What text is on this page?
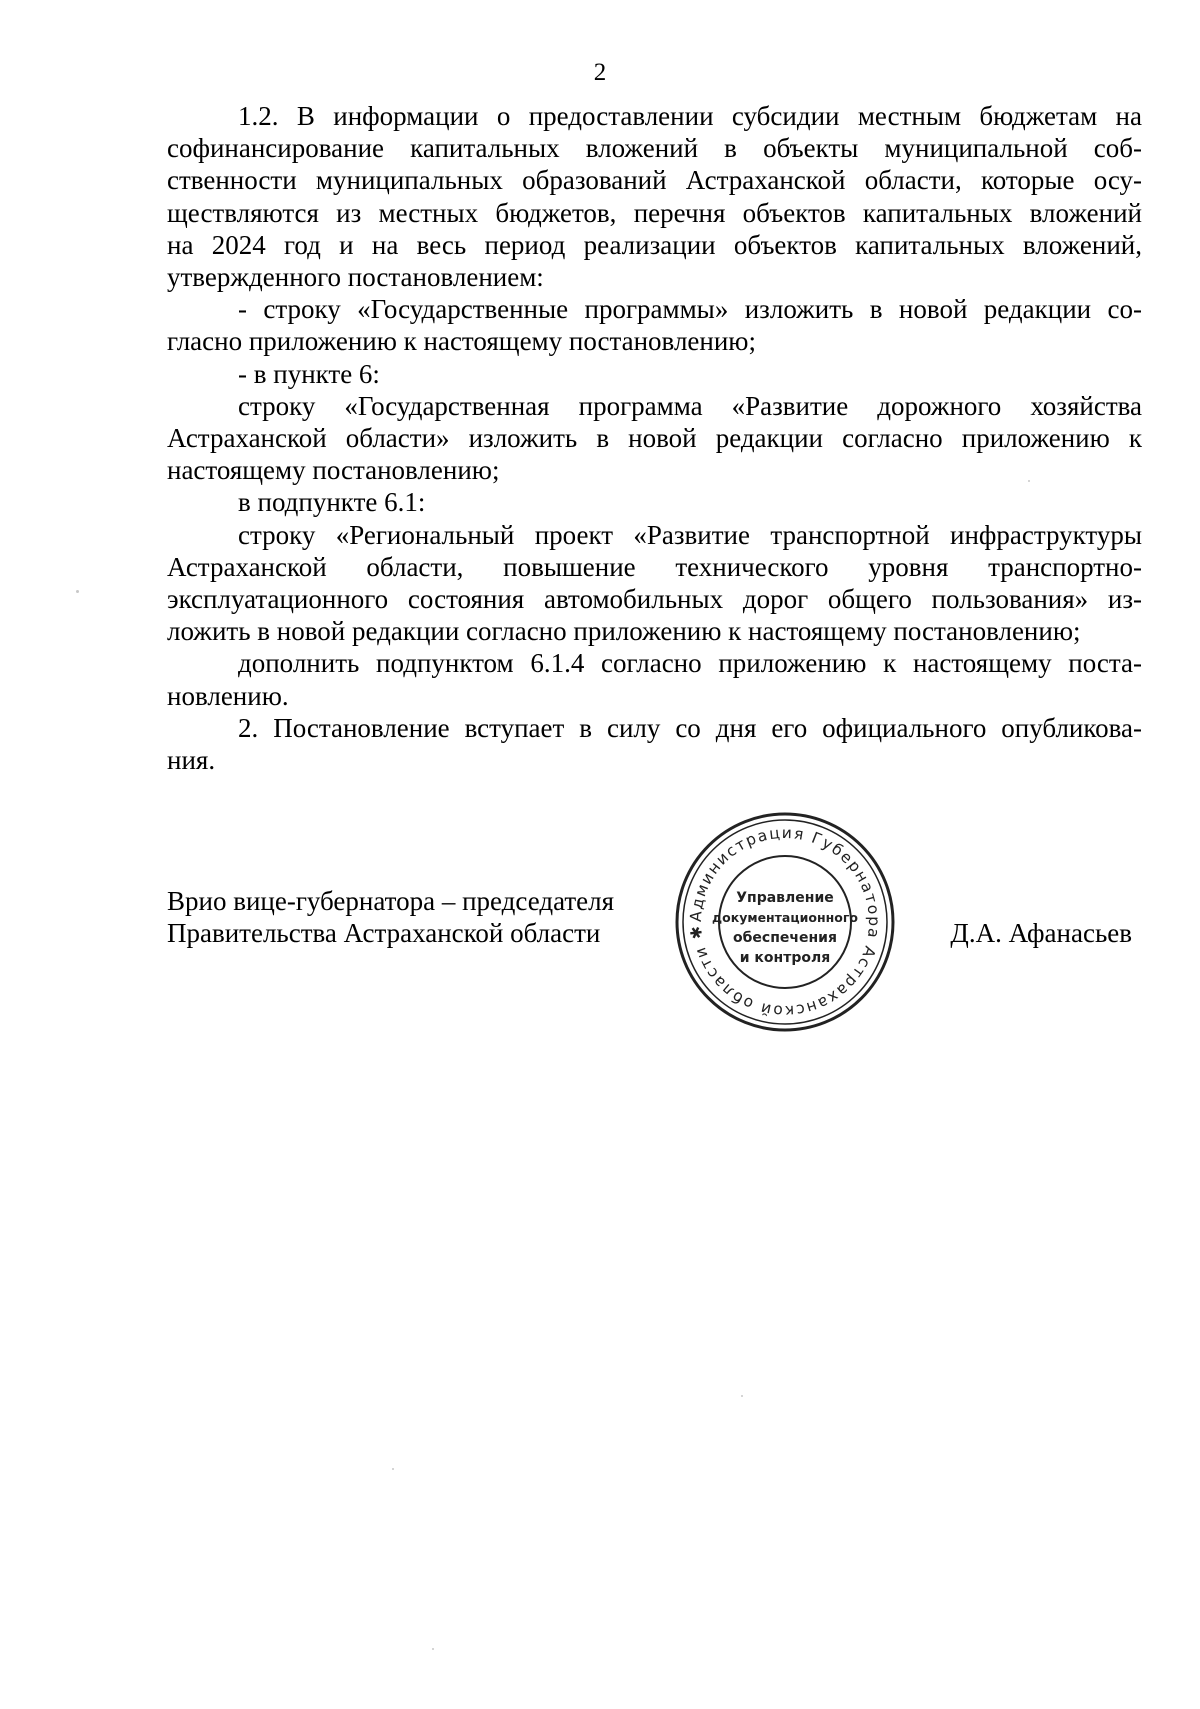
2

1.2. В информации о предоставлении субсидии местным бюджетам на

софинансирование капитальных вложений в объекты муниципальной соб-

ственности муниципальных образований Астраханской области, которые осу-

ществляются из местных бюджетов, перечня объектов капитальных вложений

на 2024 год и на весь период реализации объектов капитальных вложений,

утвержденного постановлением:

- строку «Государственные программы» изложить в новой редакции со-

гласно приложению к настоящему постановлению;

- в пункте 6:

строку «Государственная программа «Развитие дорожного хозяйства

Астраханской области» изложить в новой редакции согласно приложению к

настоящему постановлению;

в подпункте 6.1:

строку «Региональный проект «Развитие транспортной инфраструктуры

Астраханской области, повышение технического уровня транспортно-

эксплуатационного состояния автомобильных дорог общего пользования» из-

ложить в новой редакции согласно приложению к настоящему постановлению;

дополнить подпунктом 6.1.4 согласно приложению к настоящему поста-

новлению.

2. Постановление вступает в силу со дня его официального опубликова-

ния.

Врио вице-губернатора – председателя
Правительства Астраханской области	Д.А. Афанасьев
Администрация Губернатора Астраханской области ✱
Управление
документационного
обеспечения
и контроля
